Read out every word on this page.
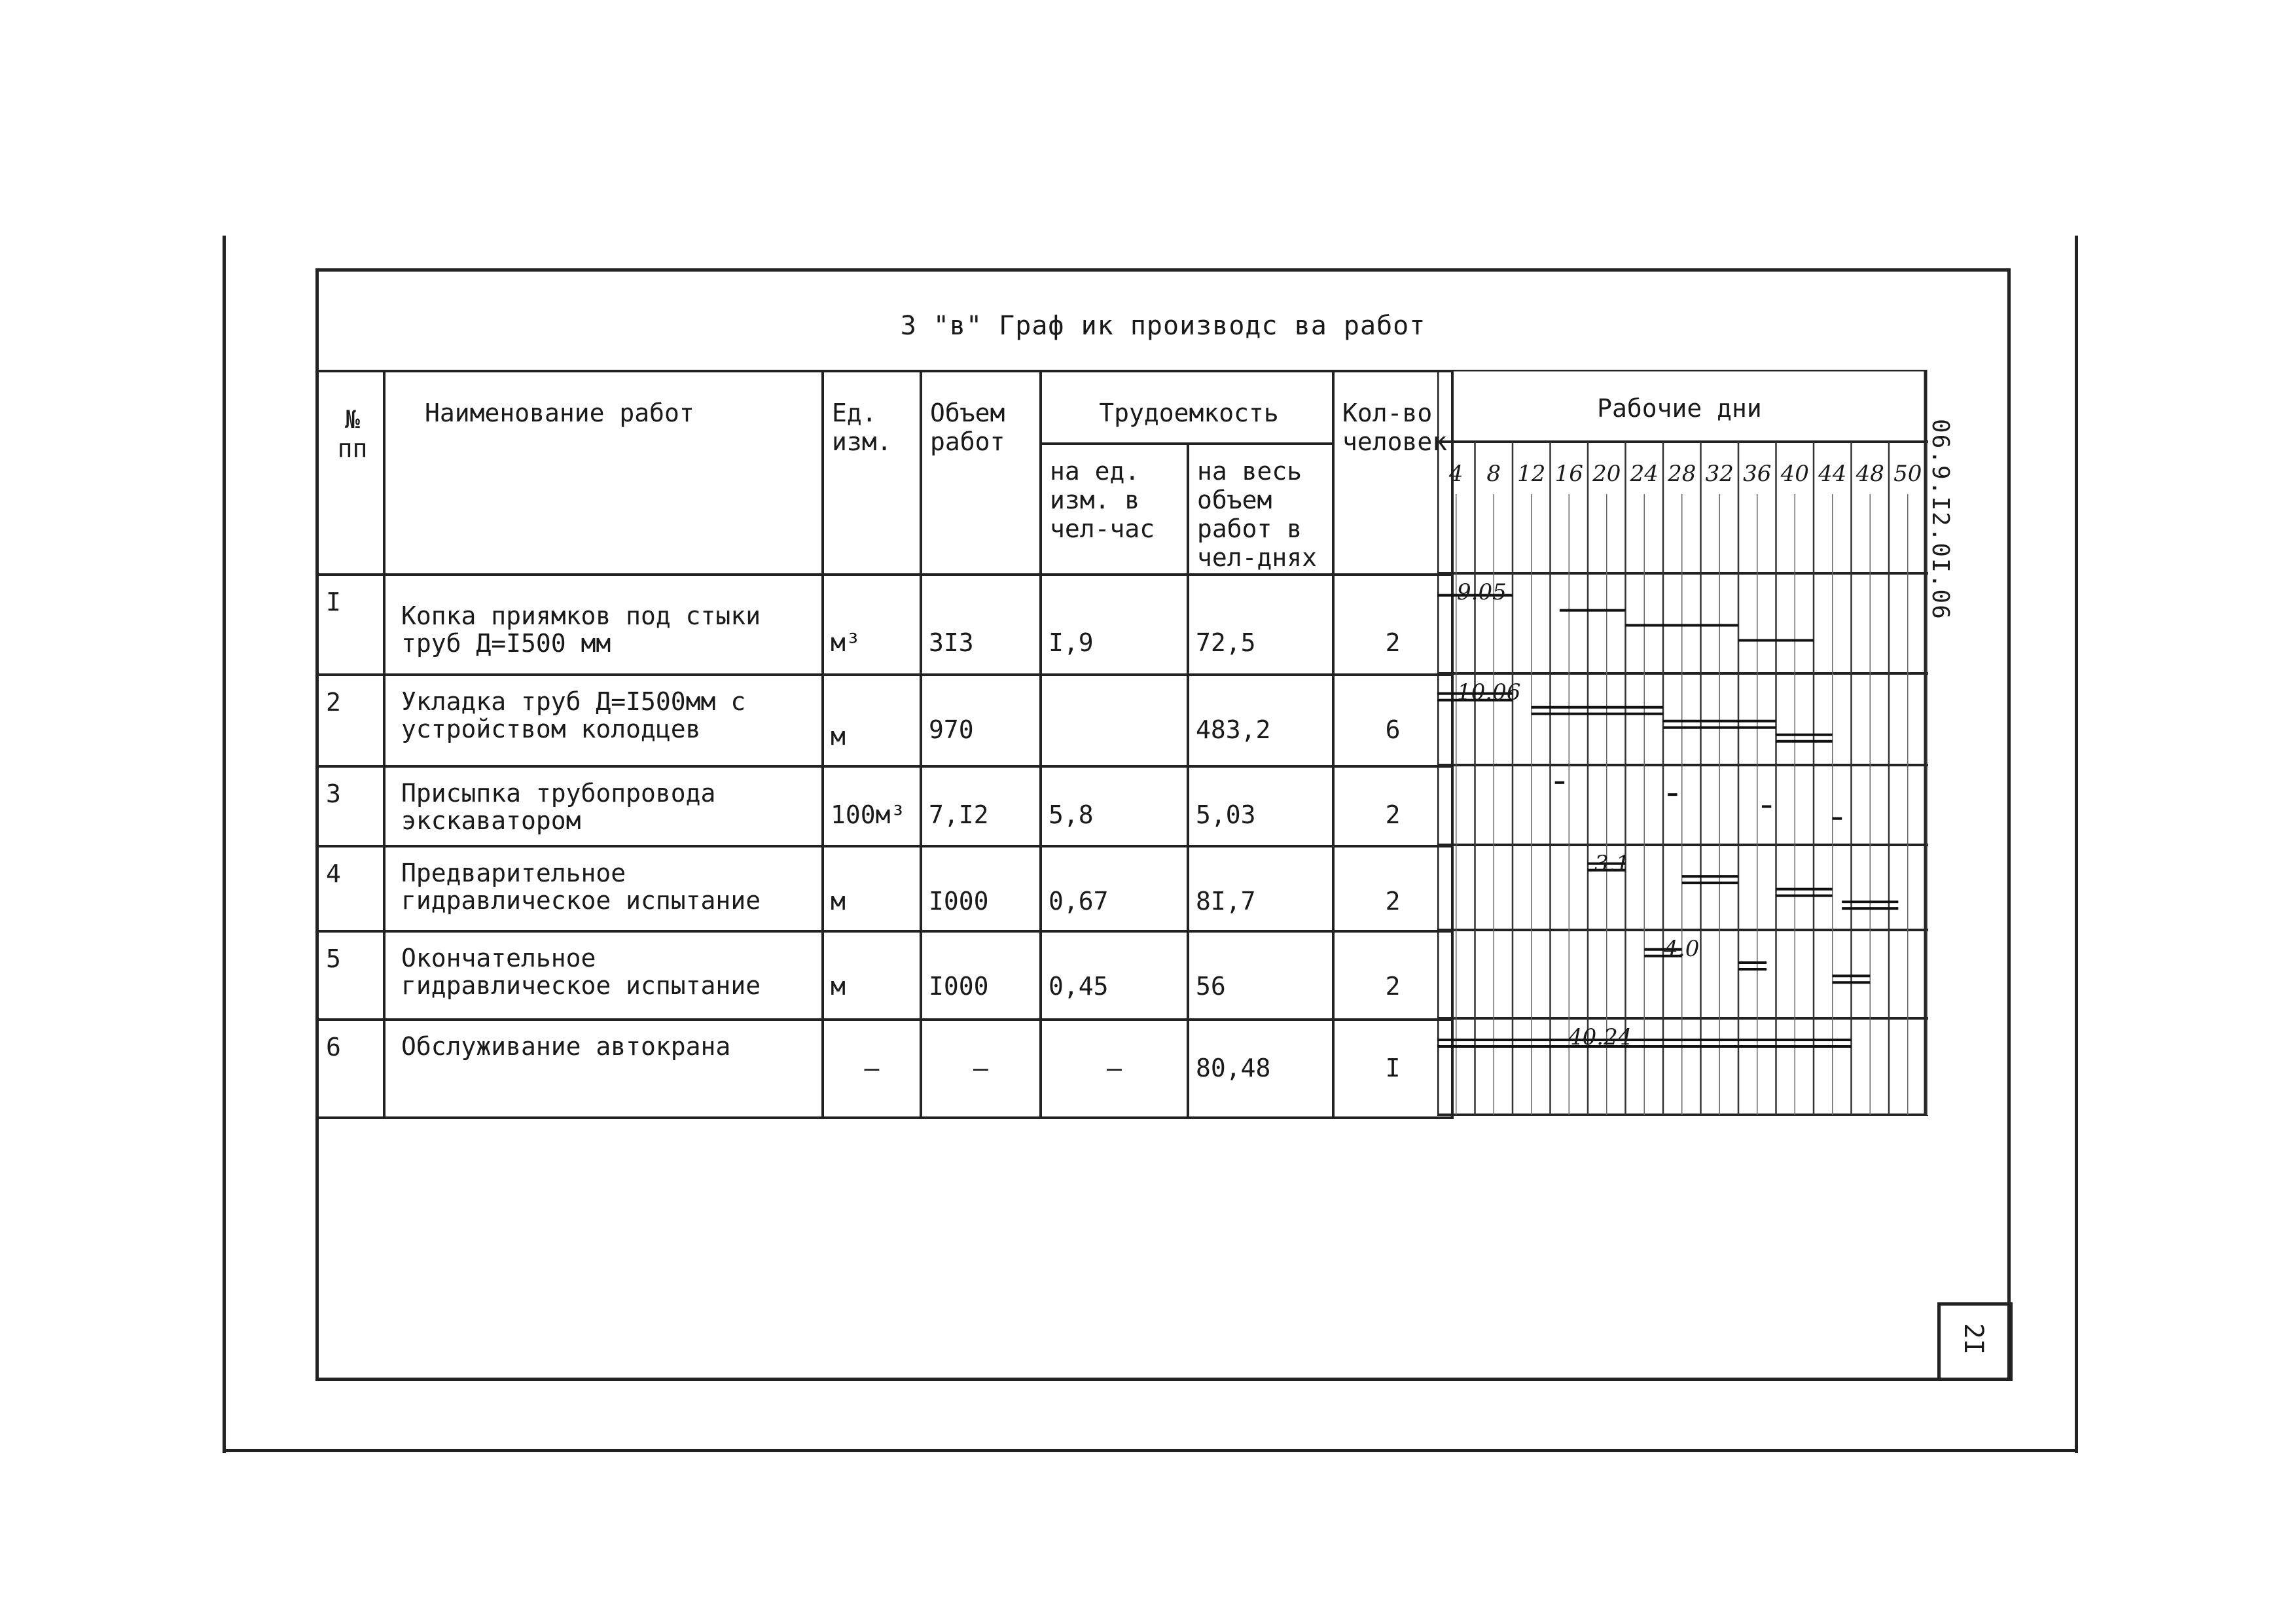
3 "в" Граф ик производс ва работ
06.9.I2.0I.06
2I
№ пп	Наименование работ	Ед. изм.	Объем работ	Трудоемкость		Кол-во человек
				на ед. изм. в чел-час	на весь объем работ в чел-днях	
I	Копка приямков под стыки труб Д=I500 мм	м³	3I3	I,9	72,5	2

2	Укладка труб Д=I500мм с устройством колодцев	м	970		483,2	6

3	Присыпка трубопровода экскаватором	100м³	7,I2	5,8	5,03	2

4	Предварительное гидравлическое испытание	м	I000	0,67	8I,7	2

5	Окончательное гидравлическое испытание	м	I000	0,45	56	2

6	Обслуживание автокрана	–	–	–	80,48	I
Рабочие дни
4 8 12 16 20 24 28 32 36 40 44 48 50
9.05
10.06
3.1
4.0
40.24
